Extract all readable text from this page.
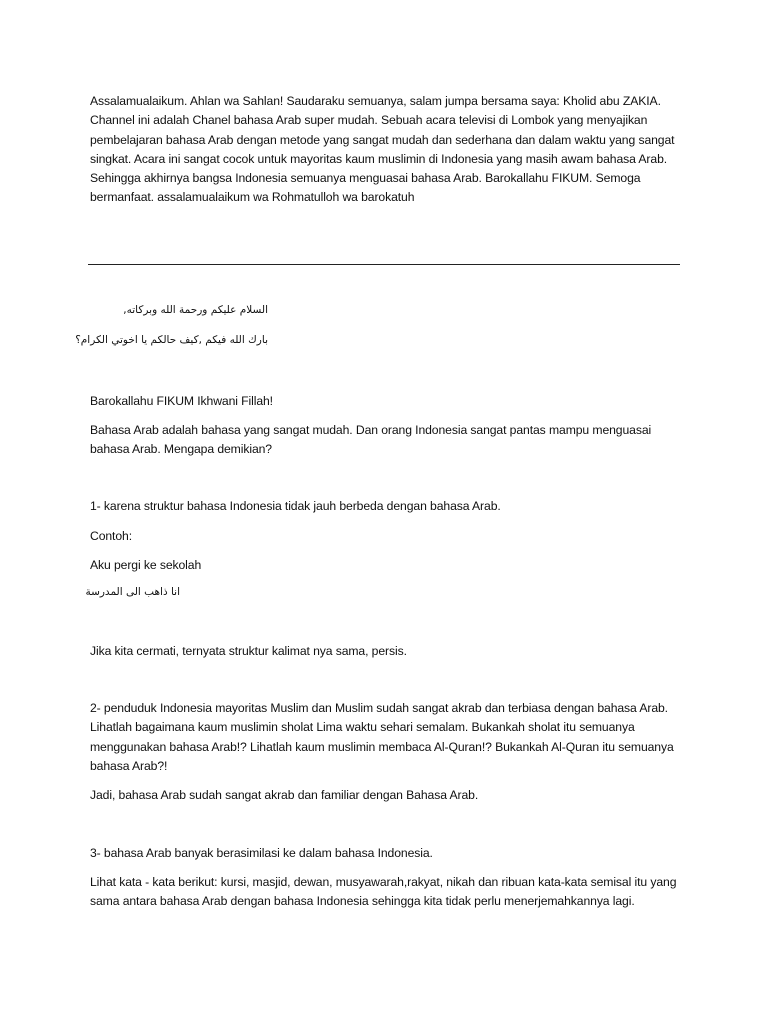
Assalamualaikum. Ahlan wa Sahlan! Saudaraku semuanya, salam jumpa bersama saya: Kholid abu ZAKIA. Channel ini adalah Chanel bahasa Arab super mudah. Sebuah acara televisi di Lombok yang menyajikan pembelajaran bahasa Arab dengan metode yang sangat mudah dan sederhana dan dalam waktu yang sangat singkat. Acara ini sangat cocok untuk mayoritas kaum muslimin di Indonesia yang masih awam bahasa Arab. Sehingga akhirnya bangsa Indonesia semuanya menguasai bahasa Arab. Barokallahu FIKUM. Semoga bermanfaat. assalamualaikum wa Rohmatulloh wa barokatuh

السلام عليكم ورحمة الله وبركاته,

بارك الله فيكم ,كيف حالكم يا اخوتي الكرام؟

Barokallahu FIKUM Ikhwani Fillah!

Bahasa Arab adalah bahasa yang sangat mudah. Dan orang Indonesia sangat pantas mampu menguasai bahasa Arab. Mengapa demikian?

1- karena struktur bahasa Indonesia tidak jauh berbeda dengan bahasa Arab.

Contoh:

Aku pergi ke sekolah

انا ذاهب الى المدرسة

Jika kita cermati, ternyata struktur kalimat nya sama, persis.

2- penduduk Indonesia mayoritas Muslim dan Muslim sudah sangat akrab dan terbiasa dengan bahasa Arab. Lihatlah bagaimana kaum muslimin sholat Lima waktu sehari semalam. Bukankah sholat itu semuanya menggunakan bahasa Arab!? Lihatlah kaum muslimin membaca Al-Quran!? Bukankah Al-Quran itu semuanya bahasa Arab?!

Jadi, bahasa Arab sudah sangat akrab dan familiar dengan Bahasa Arab.

3- bahasa Arab banyak berasimilasi ke dalam bahasa Indonesia.

Lihat kata - kata berikut: kursi, masjid, dewan, musyawarah,rakyat, nikah dan ribuan kata-kata semisal itu yang sama antara bahasa Arab dengan bahasa Indonesia sehingga kita tidak perlu menerjemahkannya lagi.
